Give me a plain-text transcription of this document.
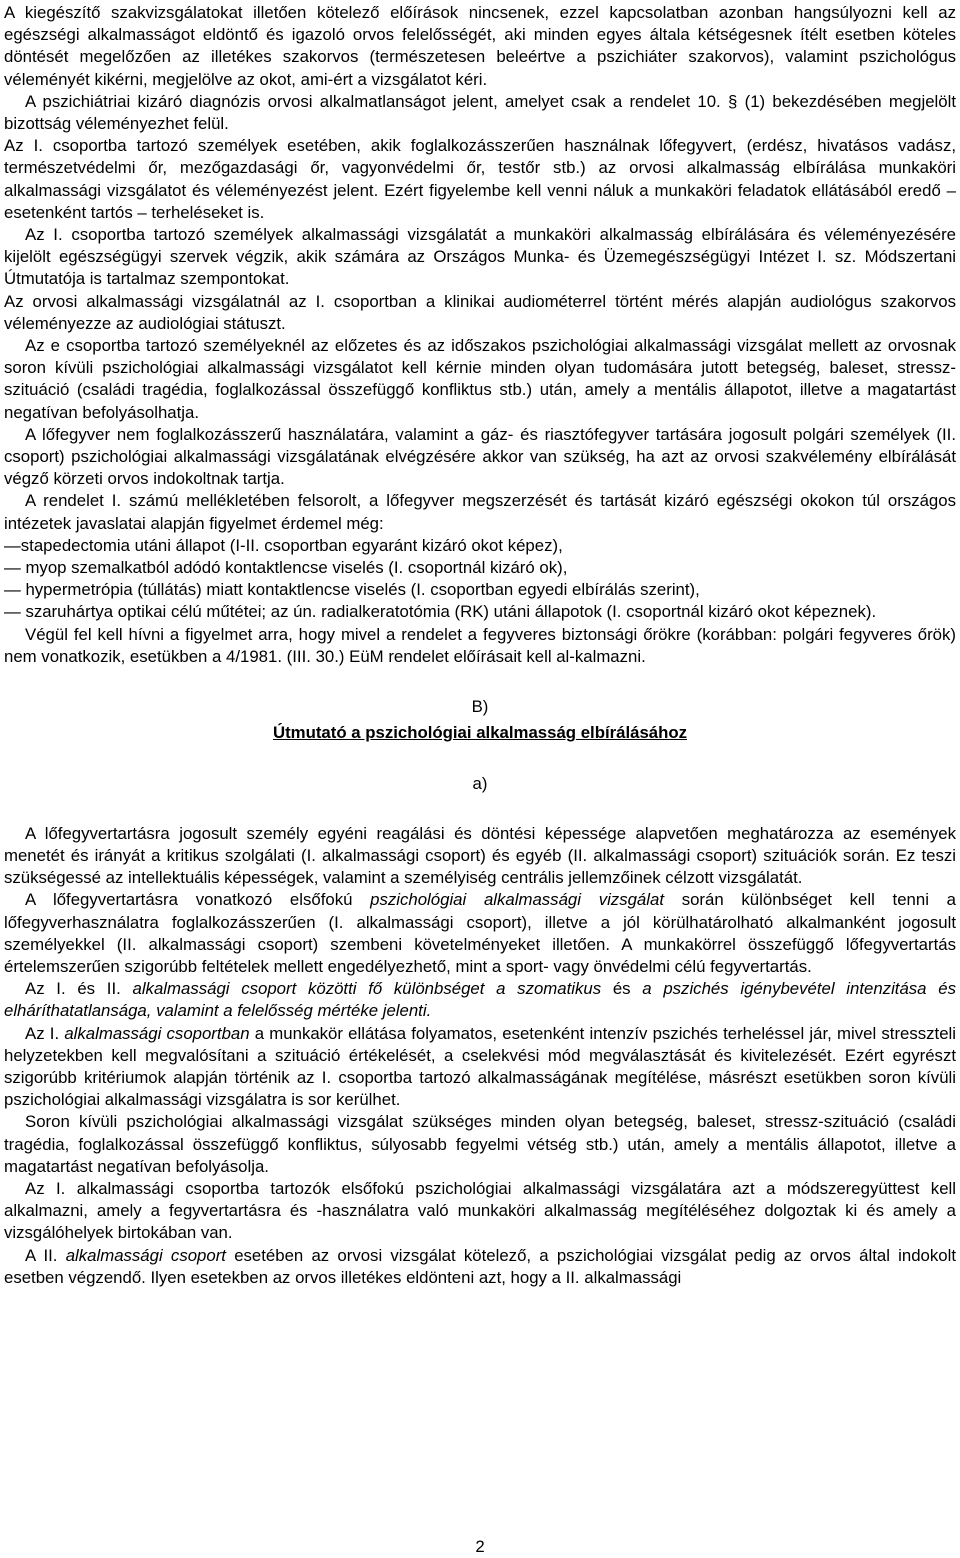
A kiegészítő szakvizsgálatokat illetően kötelező előírások nincsenek, ezzel kapcsolatban azonban hangsúlyozni kell az egészségi alkalmasságot eldöntő és igazoló orvos felelősségét, aki minden egyes általa kétségesnek ítélt esetben köteles döntését megelőzően az illetékes szakorvos (természetesen beleértve a pszichiáter szakorvos), valamint pszichológus véleményét kikérni, megjelölve az okot, ami-ért a vizsgálatot kéri.

A pszichiátriai kizáró diagnózis orvosi alkalmatlanságot jelent, amelyet csak a rendelet 10. § (1) bekezdésében megjelölt bizottság véleményezhet felül.

Az I. csoportba tartozó személyek esetében, akik foglalkozásszerűen használnak lőfegyvert, (erdész, hivatásos vadász, természetvédelmi őr, mezőgazdasági őr, vagyonvédelmi őr, testőr stb.) az orvosi alkalmasság elbírálása munkaköri alkalmassági vizsgálatot és véleményezést jelent. Ezért figyelembe kell venni náluk a munkaköri feladatok ellátásából eredő – esetenként tartós – terheléseket is.

Az I. csoportba tartozó személyek alkalmassági vizsgálatát a munkaköri alkalmasság elbírálására és véleményezésére kijelölt egészségügyi szervek végzik, akik számára az Országos Munka- és Üzemegészségügyi Intézet I. sz. Módszertani Útmutatója is tartalmaz szempontokat.

Az orvosi alkalmassági vizsgálatnál az I. csoportban a klinikai audiométerrel történt mérés alapján audiológus szakorvos véleményezze az audiológiai státuszt.

Az e csoportba tartozó személyeknél az előzetes és az időszakos pszichológiai alkalmassági vizsgálat mellett az orvosnak soron kívüli pszichológiai alkalmassági vizsgálatot kell kérnie minden olyan tudomására jutott betegség, baleset, stressz-szituáció (családi tragédia, foglalkozással összefüggő konfliktus stb.) után, amely a mentális állapotot, illetve a magatartást negatívan befolyásolhatja.

A lőfegyver nem foglalkozásszerű használatára, valamint a gáz- és riasztófegyver tartására jogosult polgári személyek (II. csoport) pszichológiai alkalmassági vizsgálatának elvégzésére akkor van szükség, ha azt az orvosi szakvélemény elbírálását végző körzeti orvos indokoltnak tartja.

A rendelet I. számú mellékletében felsorolt, a lőfegyver megszerzését és tartását kizáró egészségi okokon túl országos intézetek javaslatai alapján figyelmet érdemel még:

—stapedectomia utáni állapot (I-II. csoportban egyaránt kizáró okot képez),

— myop szemalkatból adódó kontaktlencse viselés (I. csoportnál kizáró ok),

— hypermetrópia (túllátás) miatt kontaktlencse viselés (I. csoportban egyedi elbírálás szerint),

— szaruhártya optikai célú műtétei; az ún. radialkeratotómia (RK) utáni állapotok (I. csoportnál kizáró okot képeznek).

Végül fel kell hívni a figyelmet arra, hogy mivel a rendelet a fegyveres biztonsági őrökre (korábban: polgári fegyveres őrök) nem vonatkozik, esetükben a 4/1981. (III. 30.) EüM rendelet előírásait kell al-kalmazni.

B)

Útmutató a pszichológiai alkalmasság elbírálásához

a)

A lőfegyvertartásra jogosult személy egyéni reagálási és döntési képessége alapvetően meghatározza az események menetét és irányát a kritikus szolgálati (I. alkalmassági csoport) és egyéb (II. alkalmassági csoport) szituációk során. Ez teszi szükségessé az intellektuális képességek, valamint a személyiség centrális jellemzőinek célzott vizsgálatát.

A lőfegyvertartásra vonatkozó elsőfokú pszichológiai alkalmassági vizsgálat során különbséget kell tenni a lőfegyverhasználatra foglalkozásszerűen (I. alkalmassági csoport), illetve a jól körülhatárolható alkalmanként jogosult személyekkel (II. alkalmassági csoport) szembeni követelményeket illetően. A munkakörrel összefüggő lőfegyvertartás értelemszerűen szigorúbb feltételek mellett engedélyezhető, mint a sport- vagy önvédelmi célú fegyvertartás.

Az I. és II. alkalmassági csoport közötti fő különbséget a szomatikus és a pszichés igénybevétel intenzitása és elháríthatatlansága, valamint a felelősség mértéke jelenti.

Az I. alkalmassági csoportban a munkakör ellátása folyamatos, esetenként intenzív pszichés terheléssel jár, mivel stresszteli helyzetekben kell megvalósítani a szituáció értékelését, a cselekvési mód megválasztását és kivitelezését. Ezért egyrészt szigorúbb kritériumok alapján történik az I. csoportba tartozó alkalmasságának megítélése, másrészt esetükben soron kívüli pszichológiai alkalmassági vizsgálatra is sor kerülhet.

Soron kívüli pszichológiai alkalmassági vizsgálat szükséges minden olyan betegség, baleset, stressz-szituáció (családi tragédia, foglalkozással összefüggő konfliktus, súlyosabb fegyelmi vétség stb.) után, amely a mentális állapotot, illetve a magatartást negatívan befolyásolja.

Az I. alkalmassági csoportba tartozók elsőfokú pszichológiai alkalmassági vizsgálatára azt a módszeregyüttest kell alkalmazni, amely a fegyvertartásra és -használatra való munkaköri alkalmasság megítéléséhez dolgoztak ki és amely a vizsgálóhelyek birtokában van.

A II. alkalmassági csoport esetében az orvosi vizsgálat kötelező, a pszichológiai vizsgálat pedig az orvos által indokolt esetben végzendő. Ilyen esetekben az orvos illetékes eldönteni azt, hogy a II. alkalmassági

2
